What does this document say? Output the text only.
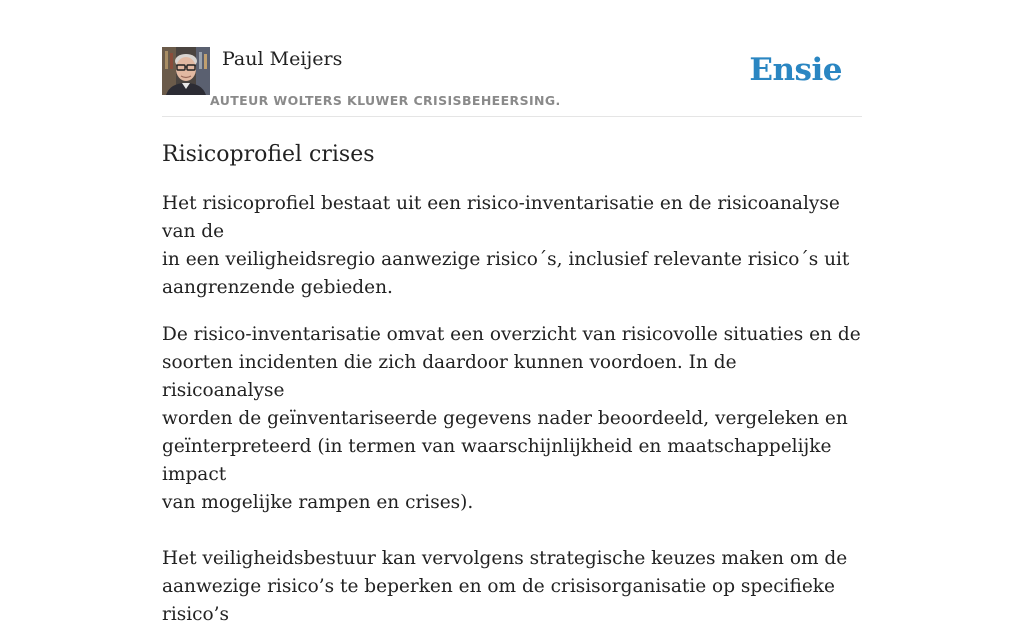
Paul Meijers
AUTEUR WOLTERS KLUWER CRISISBEHEERSING.
Ensie
Risicoprofiel crises

Het risicoprofiel bestaat uit een risico-inventarisatie en de risicoanalyse van de
in een veiligheidsregio aanwezige risico´s, inclusief relevante risico´s uit
aangrenzende gebieden.

De risico-inventarisatie omvat een overzicht van risicovolle situaties en de
soorten incidenten die zich daardoor kunnen voordoen. In de risicoanalyse
worden de geïnventariseerde gegevens nader beoordeeld, vergeleken en
geïnterpreteerd (in termen van waarschijnlijkheid en maatschappelijke impact
van mogelijke rampen en crises).

Het veiligheidsbestuur kan vervolgens strategische keuzes maken om de
aanwezige risico’s te beperken en om de crisisorganisatie op specifieke risico’s
